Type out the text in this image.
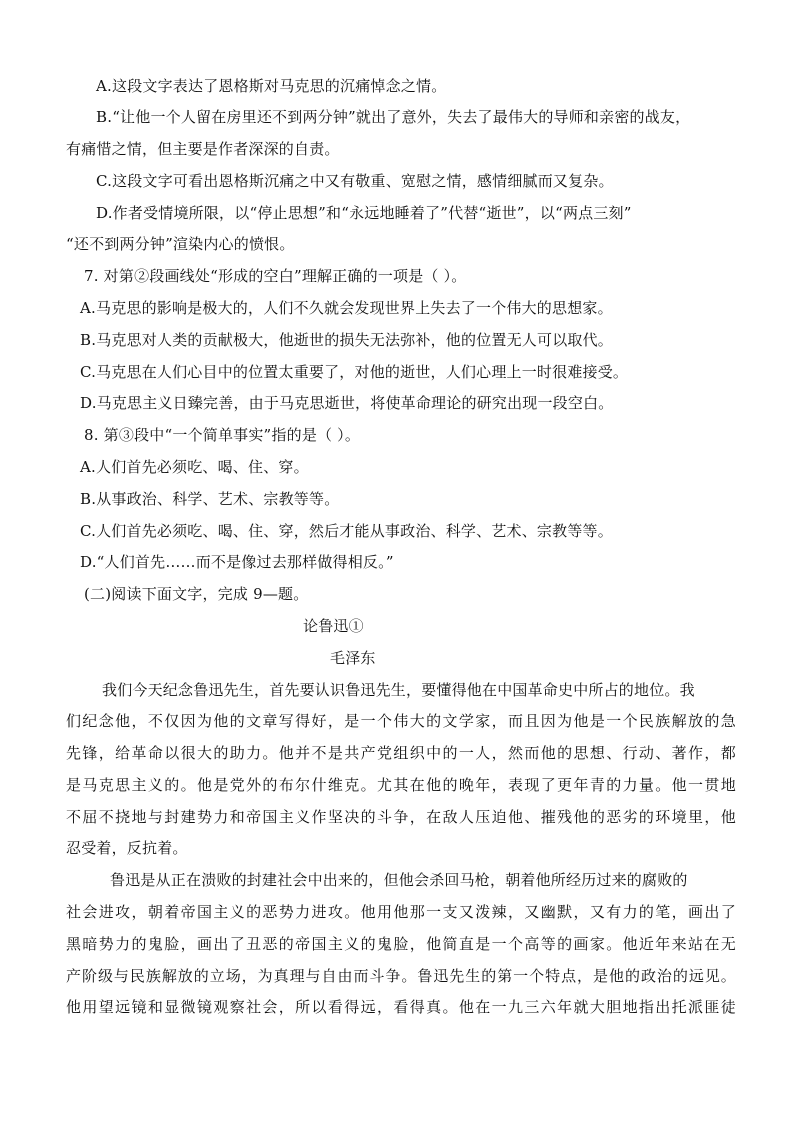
A.这段文字表达了恩格斯对马克思的沉痛悼念之情。
B.“让他一个人留在房里还不到两分钟”就出了意外，失去了最伟大的导师和亲密的战友，
有痛惜之情，但主要是作者深深的自责。
C.这段文字可看出恩格斯沉痛之中又有敬重、宽慰之情，感情细腻而又复杂。
D.作者受情境所限，以“停止思想”和“永远地睡着了”代替“逝世”，以“两点三刻”
“还不到两分钟”渲染内心的愤恨。
7. 对第②段画线处“形成的空白”理解正确的一项是（ ）。
A.马克思的影响是极大的，人们不久就会发现世界上失去了一个伟大的思想家。
B.马克思对人类的贡献极大，他逝世的损失无法弥补，他的位置无人可以取代。
C.马克思在人们心目中的位置太重要了，对他的逝世，人们心理上一时很难接受。
D.马克思主义日臻完善，由于马克思逝世，将使革命理论的研究出现一段空白。
8. 第③段中“一个简单事实”指的是（ ）。
A.人们首先必须吃、喝、住、穿。
B.从事政治、科学、艺术、宗教等等。
C.人们首先必须吃、喝、住、穿，然后才能从事政治、科学、艺术、宗教等等。
D.“人们首先……而不是像过去那样做得相反。”
(二)阅读下面文字，完成 9—题。
论鲁迅①
毛泽东
我们今天纪念鲁迅先生，首先要认识鲁迅先生，要懂得他在中国革命史中所占的地位。我
们纪念他，不仅因为他的文章写得好，是一个伟大的文学家，而且因为他是一个民族解放的急
先锋，给革命以很大的助力。他并不是共产党组织中的一人，然而他的思想、行动、著作，都
是马克思主义的。他是党外的布尔什维克。尤其在他的晚年，表现了更年青的力量。他一贯地
不屈不挠地与封建势力和帝国主义作坚决的斗争，在敌人压迫他、摧残他的恶劣的环境里，他
忍受着，反抗着。
鲁迅是从正在溃败的封建社会中出来的，但他会杀回马枪，朝着他所经历过来的腐败的
社会进攻，朝着帝国主义的恶势力进攻。他用他那一支又泼辣，又幽默，又有力的笔，画出了
黑暗势力的鬼脸，画出了丑恶的帝国主义的鬼脸，他简直是一个高等的画家。他近年来站在无
产阶级与民族解放的立场，为真理与自由而斗争。鲁迅先生的第一个特点，是他的政治的远见。
他用望远镜和显微镜观察社会，所以看得远，看得真。他在一九三六年就大胆地指出托派匪徒
